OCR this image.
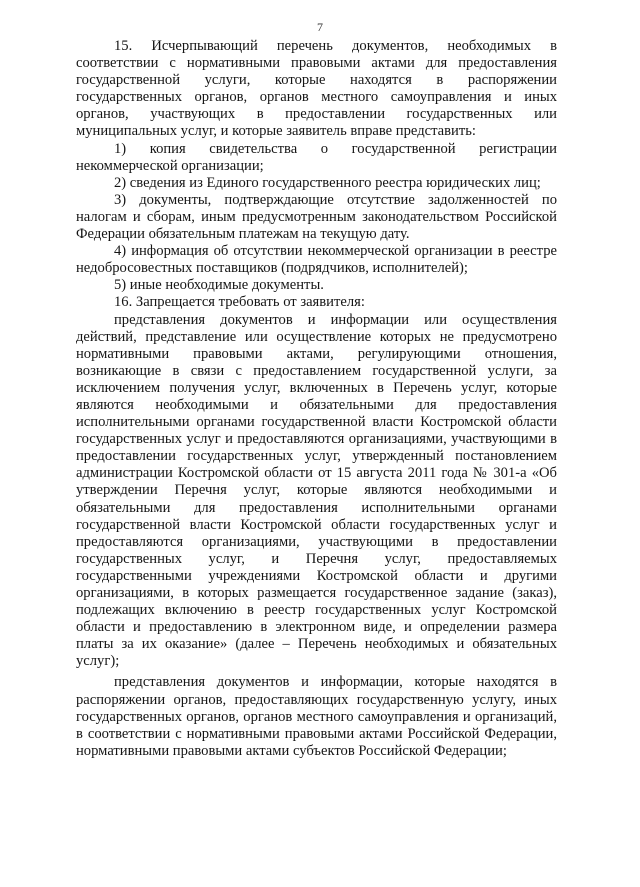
7

15. Исчерпывающий перечень документов, необходимых в соответствии с нормативными правовыми актами для предоставления государственной услуги, которые находятся в распоряжении государственных органов, органов местного самоуправления и иных органов, участвующих в предоставлении государственных или муниципальных услуг, и которые заявитель вправе представить:

1) копия свидетельства о государственной регистрации некоммерческой организации;

2) сведения из Единого государственного реестра юридических лиц;

3) документы, подтверждающие отсутствие задолженностей по налогам и сборам, иным предусмотренным законодательством Российской Федерации обязательным платежам на текущую дату.

4) информация об отсутствии некоммерческой организации в реестре недобросовестных поставщиков (подрядчиков, исполнителей);

5) иные необходимые документы.

16. Запрещается требовать от заявителя:

представления документов и информации или осуществления действий, представление или осуществление которых не предусмотрено нормативными правовыми актами, регулирующими отношения, возникающие в связи с предоставлением государственной услуги, за исключением получения услуг, включенных в Перечень услуг, которые являются необходимыми и обязательными для предоставления исполнительными органами государственной власти Костромской области государственных услуг и предоставляются организациями, участвующими в предоставлении государственных услуг, утвержденный постановлением администрации Костромской области от 15 августа 2011 года № 301-а «Об утверждении Перечня услуг, которые являются необходимыми и обязательными для предоставления исполнительными органами государственной власти Костромской области государственных услуг и предоставляются организациями, участвующими в предоставлении государственных услуг, и Перечня услуг, предоставляемых государственными учреждениями Костромской области и другими организациями, в которых размещается государственное задание (заказ), подлежащих включению в реестр государственных услуг Костромской области и предоставлению в электронном виде, и определении размера платы за их оказание» (далее – Перечень необходимых и обязательных услуг);

представления документов и информации, которые находятся в распоряжении органов, предоставляющих государственную услугу, иных государственных органов, органов местного самоуправления и организаций, в соответствии с нормативными правовыми актами Российской Федерации, нормативными правовыми актами субъектов Российской Федерации;
